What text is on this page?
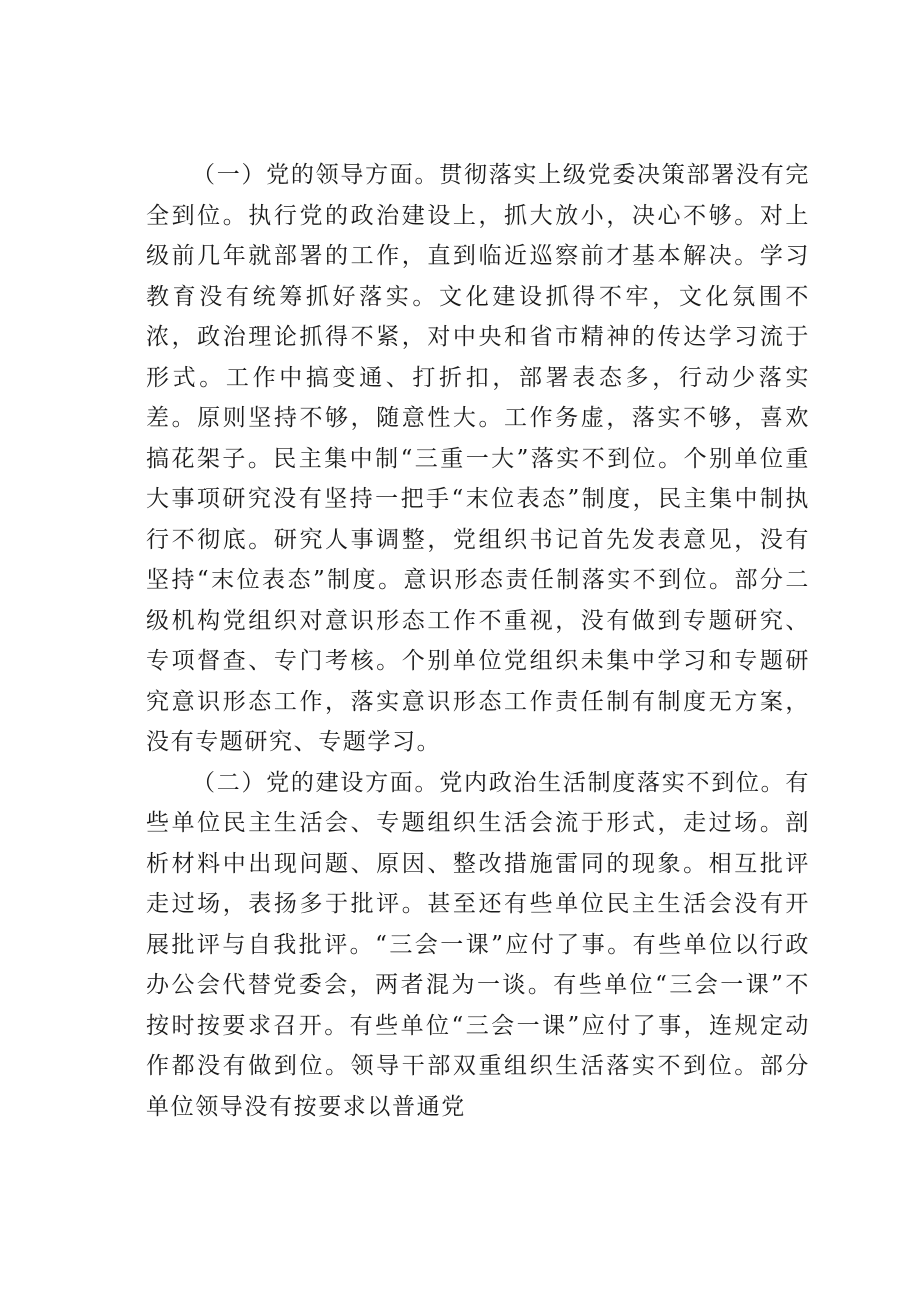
（一）党的领导方面。贯彻落实上级党委决策部署没有完全到位。执行党的政治建设上，抓大放小，决心不够。对上级前几年就部署的工作，直到临近巡察前才基本解决。学习教育没有统筹抓好落实。文化建设抓得不牢，文化氛围不浓，政治理论抓得不紧，对中央和省市精神的传达学习流于形式。工作中搞变通、打折扣，部署表态多，行动少落实差。原则坚持不够，随意性大。工作务虚，落实不够，喜欢搞花架子。民主集中制“三重一大”落实不到位。个别单位重大事项研究没有坚持一把手“末位表态”制度，民主集中制执行不彻底。研究人事调整，党组织书记首先发表意见，没有坚持“末位表态”制度。意识形态责任制落实不到位。部分二级机构党组织对意识形态工作不重视，没有做到专题研究、专项督查、专门考核。个别单位党组织未集中学习和专题研究意识形态工作，落实意识形态工作责任制有制度无方案，没有专题研究、专题学习。

（二）党的建设方面。党内政治生活制度落实不到位。有些单位民主生活会、专题组织生活会流于形式，走过场。剖析材料中出现问题、原因、整改措施雷同的现象。相互批评走过场，表扬多于批评。甚至还有些单位民主生活会没有开展批评与自我批评。“三会一课”应付了事。有些单位以行政办公会代替党委会，两者混为一谈。有些单位“三会一课”不按时按要求召开。有些单位“三会一课”应付了事，连规定动作都没有做到位。领导干部双重组织生活落实不到位。部分单位领导没有按要求以普通党
